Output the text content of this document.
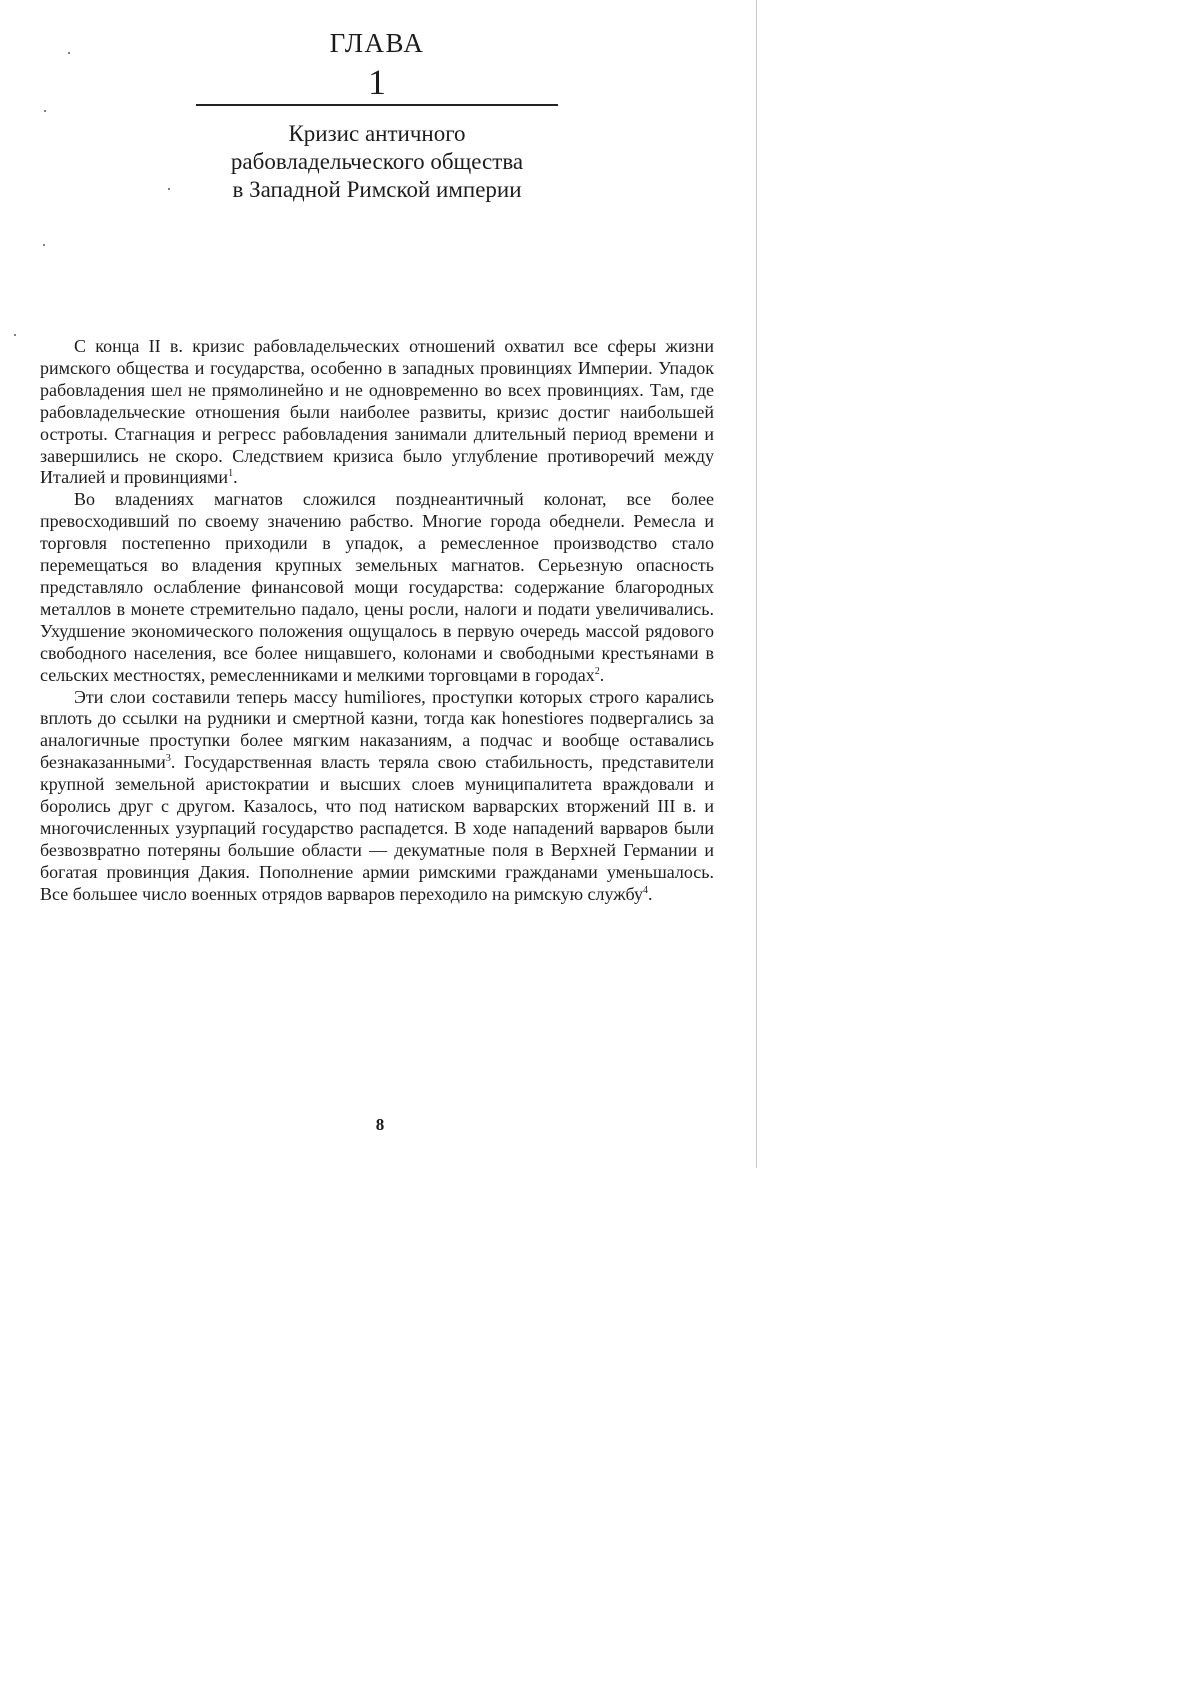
ГЛАВА
1
Кризис античного
рабовладельческого общества
в Западной Римской империи

С конца II в. кризис рабовладельческих отношений охватил все сферы жизни римского общества и государства, особенно в западных провинциях Империи. Упадок рабовладения шел не прямолинейно и не одновременно во всех провинциях. Там, где рабовладельческие отношения были наиболее развиты, кризис достиг наибольшей остроты. Стагнация и регресс рабовладения занимали длительный период времени и завершились не скоро. Следствием кризиса было углубление противоречий между Италией и провинциями$^1$.

Во владениях магнатов сложился позднеантичный колонат, все более превосходивший по своему значению рабство. Многие города обеднели. Ремесла и торговля постепенно приходили в упадок, а ремесленное производство стало перемещаться во владения крупных земельных магнатов. Серьезную опасность представляло ослабление финансовой мощи государства: содержание благородных металлов в монете стремительно падало, цены росли, налоги и подати увеличивались. Ухудшение экономического положения ощущалось в первую очередь массой рядового свободного населения, все более нищавшего, колонами и свободными крестьянами в сельских местностях, ремесленниками и мелкими торговцами в городах$^2$.

Эти слои составили теперь массу humiliores, проступки которых строго карались вплоть до ссылки на рудники и смертной казни, тогда как honestiores подвергались за аналогичные проступки более мягким наказаниям, а подчас и вообще оставались безнаказанными$^3$. Государственная власть теряла свою стабильность, представители крупной земельной аристократии и высших слоев муниципалитета враждовали и боролись друг с другом. Казалось, что под натиском варварских вторжений III в. и многочисленных узурпаций государство распадется. В ходе нападений варваров были безвозвратно потеряны большие области — декуматные поля в Верхней Германии и богатая провинция Дакия. Пополнение армии римскими гражданами уменьшалось. Все большее число военных отрядов варваров переходило на римскую службу$^4$.

8
